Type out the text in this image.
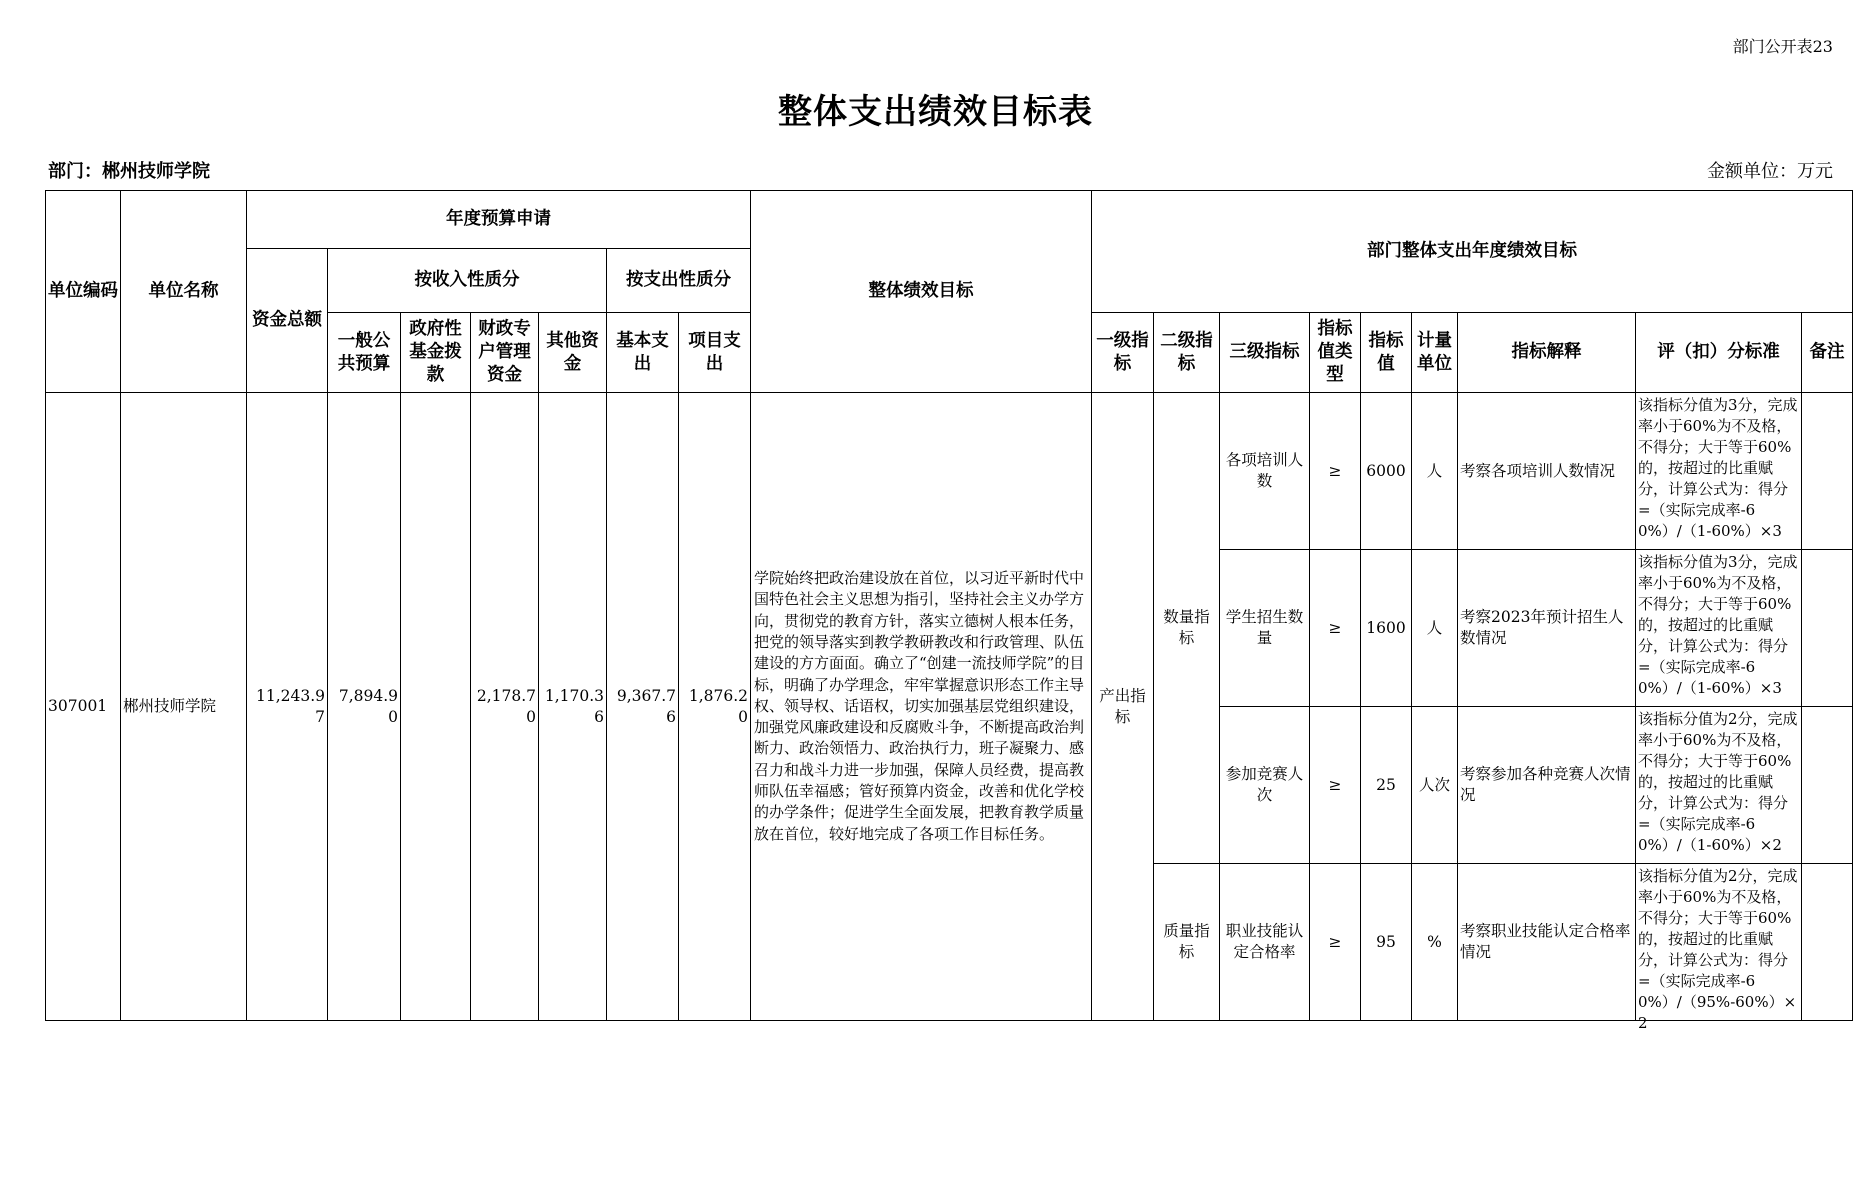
部门公开表23
整体支出绩效目标表
部门：郴州技师学院	金额单位：万元
单位编码	单位名称	年度预算申请							整体绩效目标	部门整体支出年度绩效目标								
		资金总额	按收入性质分				按支出性质分											
			一般公共预算	政府性基金拨款	财政专户管理资金	其他资金	基本支出	项目支出		一级指标	二级指标	三级指标	指标值类型	指标值	计量单位	指标解释	评（扣）分标准	备注
307001	郴州技师学院	11,243.97	7,894.90		2,178.70	1,170.36	9,367.76	1,876.20	学院始终把政治建设放在首位，以习近平新时代中国特色社会主义思想为指引，坚持社会主义办学方向，贯彻党的教育方针，落实立德树人根本任务，把党的领导落实到教学教研教改和行政管理、队伍建设的方方面面。确立了“创建一流技师学院”的目标，明确了办学理念，牢牢掌握意识形态工作主导权、领导权、话语权，切实加强基层党组织建设，加强党风廉政建设和反腐败斗争，不断提高政治判断力、政治领悟力、政治执行力，班子凝聚力、感召力和战斗力进一步加强，保障人员经费，提高教师队伍幸福感；管好预算内资金，改善和优化学校的办学条件；促进学生全面发展，把教育教学质量放在首位，较好地完成了各项工作目标任务。	产出指标	数量指标	各项培训人数	≥	6000	人	考察各项培训人数情况	该指标分值为3分，完成率小于60%为不及格，不得分；大于等于60%的，按超过的比重赋分，计算公式为：得分=（实际完成率-60%）/（1-60%）×3	

												学生招生数量	≥	1600	人	考察2023年预计招生人数情况	该指标分值为3分，完成率小于60%为不及格，不得分；大于等于60%的，按超过的比重赋分，计算公式为：得分=（实际完成率-60%）/（1-60%）×3	

												参加竞赛人次	≥	25	人次	考察参加各种竞赛人次情况	该指标分值为2分，完成率小于60%为不及格，不得分；大于等于60%的，按超过的比重赋分，计算公式为：得分=（实际完成率-60%）/（1-60%）×2	

											质量指标	职业技能认定合格率	≥	95	%	考察职业技能认定合格率情况	该指标分值为2分，完成率小于60%为不及格，不得分；大于等于60%的，按超过的比重赋分，计算公式为：得分=（实际完成率-60%）/（95%-60%）×2	
